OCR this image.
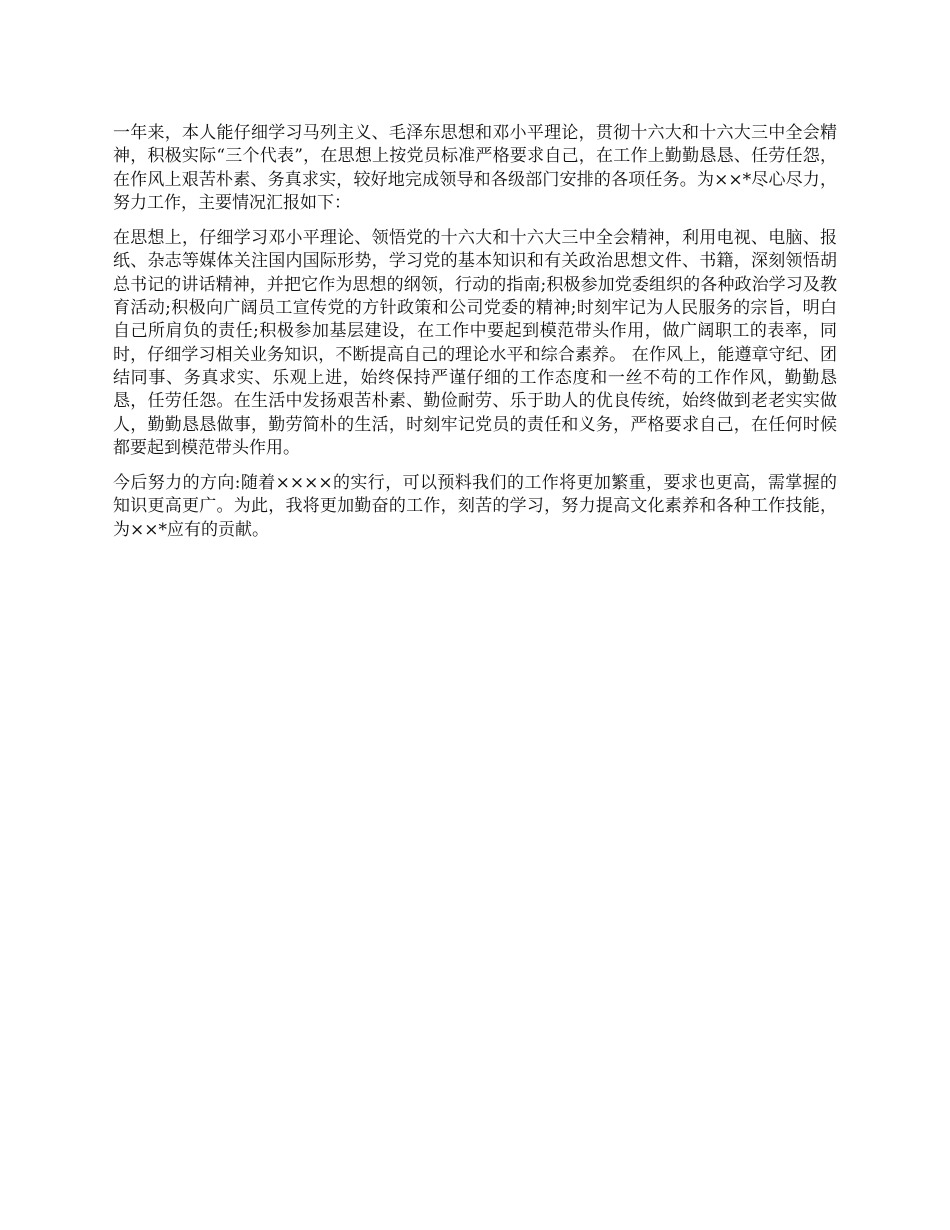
一年来，本人能仔细学习马列主义、毛泽东思想和邓小平理论，贯彻十六大和十六大三中全会精神，积极实际“三个代表”，在思想上按党员标准严格要求自己，在工作上勤勤恳恳、任劳任怨，在作风上艰苦朴素、务真求实，较好地完成领导和各级部门安排的各项任务。为××*尽心尽力，努力工作，主要情况汇报如下：

在思想上，仔细学习邓小平理论、领悟党的十六大和十六大三中全会精神，利用电视、电脑、报纸、杂志等媒体关注国内国际形势，学习党的基本知识和有关政治思想文件、书籍，深刻领悟胡总书记的讲话精神，并把它作为思想的纲领，行动的指南;积极参加党委组织的各种政治学习及教育活动;积极向广阔员工宣传党的方针政策和公司党委的精神;时刻牢记为人民服务的宗旨，明白自己所肩负的责任;积极参加基层建设，在工作中要起到模范带头作用，做广阔职工的表率，同时，仔细学习相关业务知识，不断提高自己的理论水平和综合素养。 在作风上，能遵章守纪、团结同事、务真求实、乐观上进，始终保持严谨仔细的工作态度和一丝不苟的工作作风，勤勤恳恳，任劳任怨。在生活中发扬艰苦朴素、勤俭耐劳、乐于助人的优良传统，始终做到老老实实做人，勤勤恳恳做事，勤劳简朴的生活，时刻牢记党员的责任和义务，严格要求自己，在任何时候都要起到模范带头作用。

今后努力的方向:随着××××的实行，可以预料我们的工作将更加繁重，要求也更高，需掌握的知识更高更广。为此，我将更加勤奋的工作，刻苦的学习，努力提高文化素养和各种工作技能，为××*应有的贡献。
